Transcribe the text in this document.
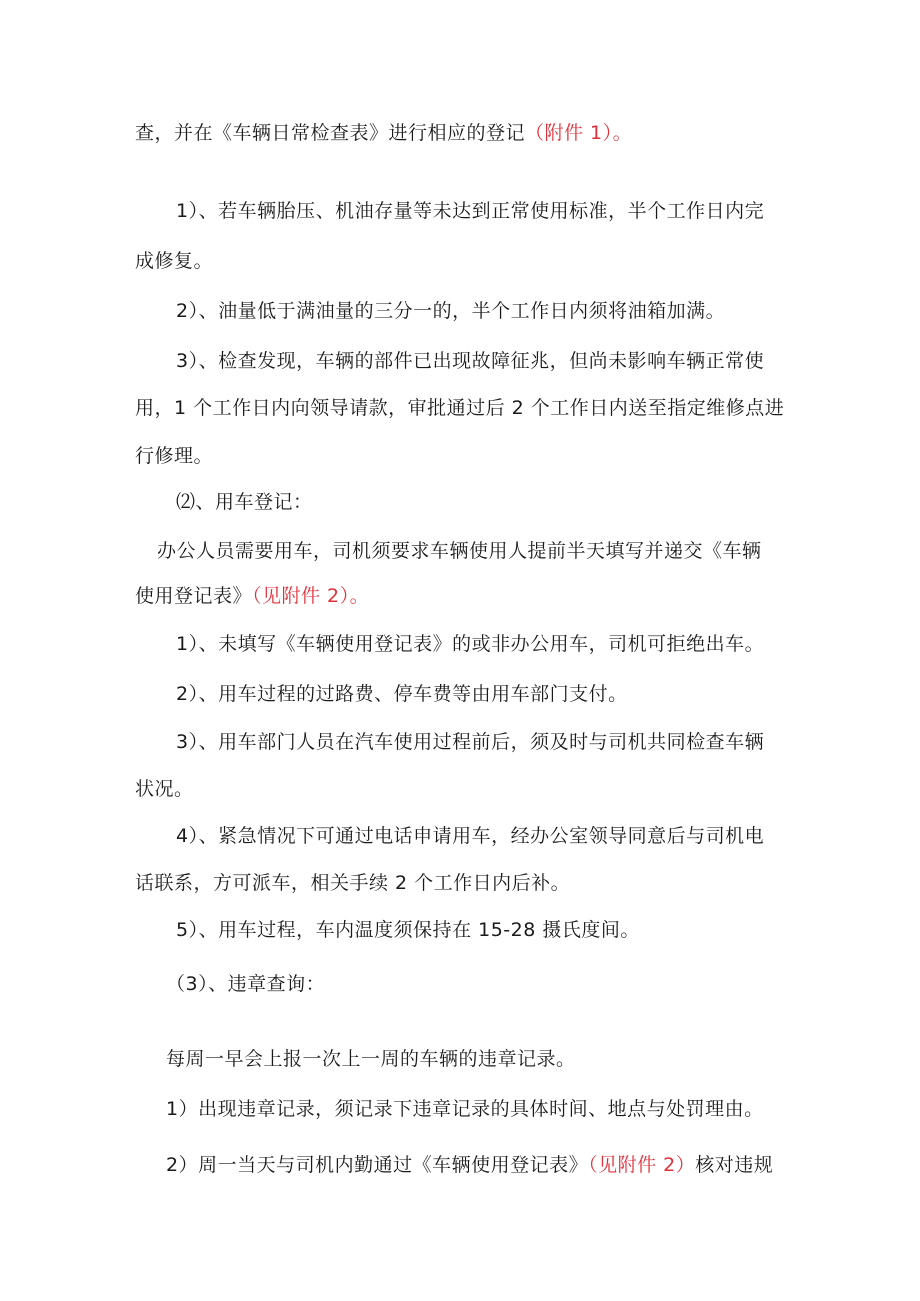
查，并在《车辆日常检查表》进行相应的登记（附件 1）。
1）、若车辆胎压、机油存量等未达到正常使用标准，半个工作日内完
成修复。
2）、油量低于满油量的三分一的，半个工作日内须将油箱加满。
3）、检查发现，车辆的部件已出现故障征兆，但尚未影响车辆正常使
用，1 个工作日内向领导请款，审批通过后 2 个工作日内送至指定维修点进
行修理。
⑵、用车登记：
办公人员需要用车，司机须要求车辆使用人提前半天填写并递交《车辆
使用登记表》（见附件 2）。
1）、未填写《车辆使用登记表》的或非办公用车，司机可拒绝出车。
2）、用车过程的过路费、停车费等由用车部门支付。
3）、用车部门人员在汽车使用过程前后，须及时与司机共同检查车辆
状况。
4）、紧急情况下可通过电话申请用车，经办公室领导同意后与司机电
话联系，方可派车，相关手续 2 个工作日内后补。
5）、用车过程，车内温度须保持在 15-28 摄氏度间。
（3）、违章查询：
每周一早会上报一次上一周的车辆的违章记录。
1）出现违章记录，须记录下违章记录的具体时间、地点与处罚理由。
2）周一当天与司机内勤通过《车辆使用登记表》（见附件 2）核对违规
